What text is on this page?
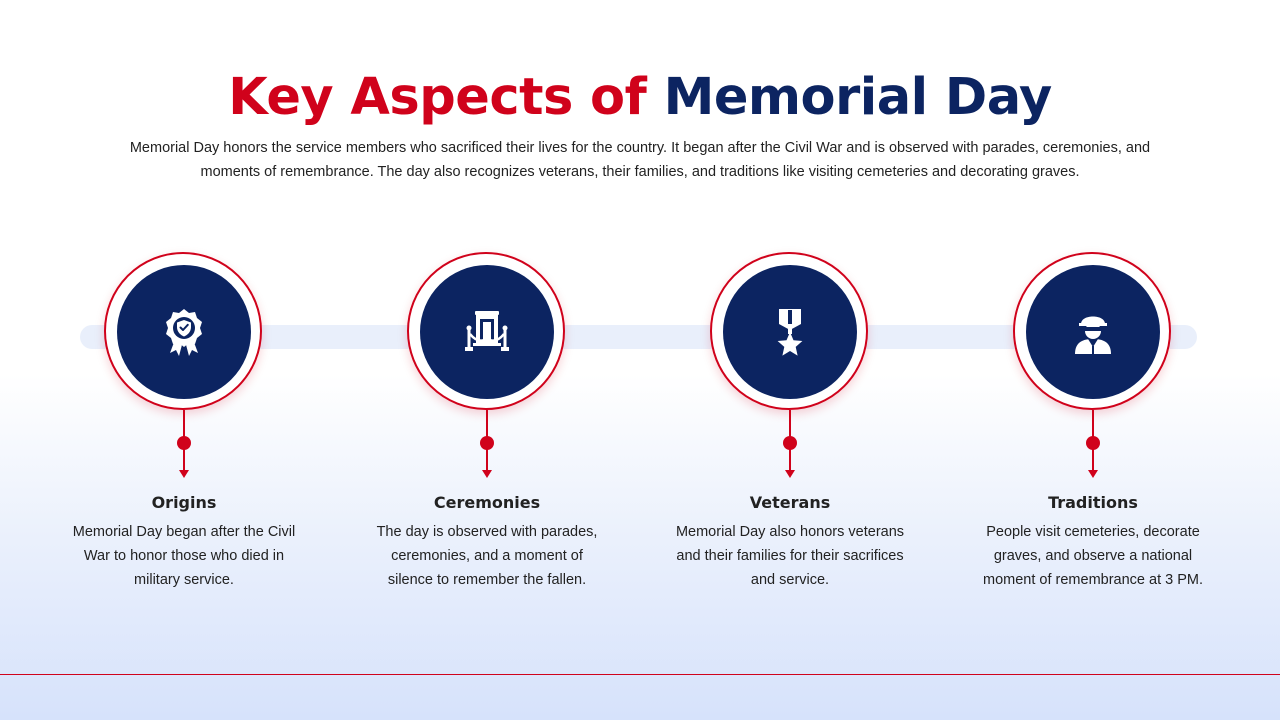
Key Aspects of Memorial Day

Memorial Day honors the service members who sacrificed their lives for the country. It began after the Civil War and is observed with parades, ceremonies, and moments of remembrance. The day also recognizes veterans, their families, and traditions like visiting cemeteries and decorating graves.

Origins
Memorial Day began after the Civil War to honor those who died in military service.
Ceremonies
The day is observed with parades, ceremonies, and a moment of silence to remember the fallen.
Veterans
Memorial Day also honors veterans and their families for their sacrifices and service.
Traditions
People visit cemeteries, decorate graves, and observe a national moment of remembrance at 3 PM.
